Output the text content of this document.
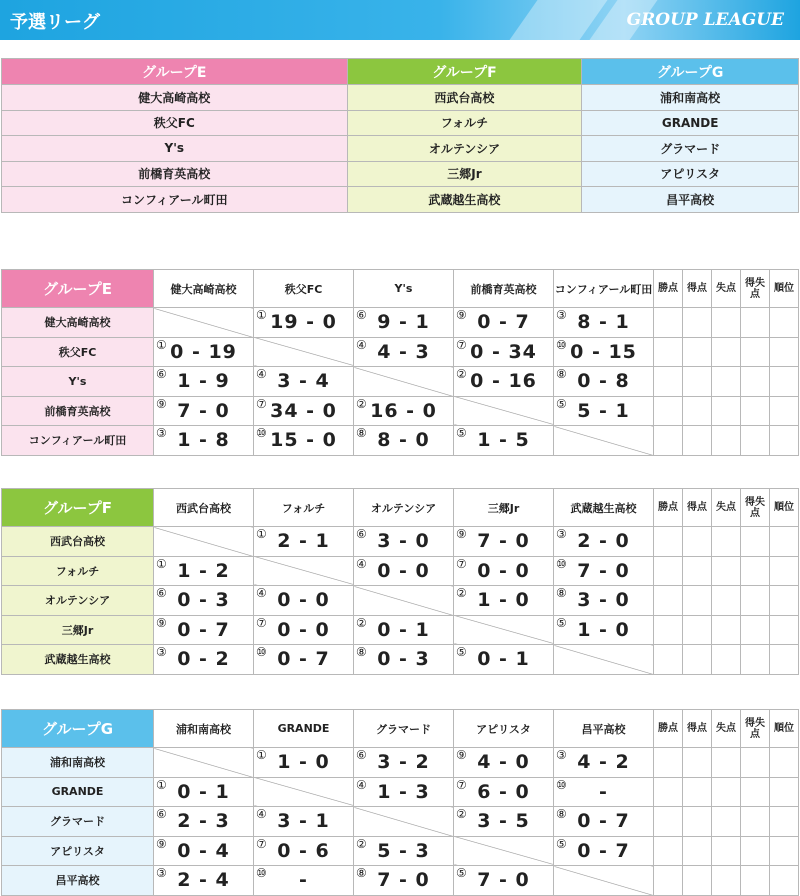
予選リーグ	GROUP LEAGUE
グループE	グループF	グループG
健大高崎高校	西武台高校	浦和南高校
秩父FC	フォルチ	GRANDE
Y's	オルテンシア	グラマード
前橋育英高校	三郷Jr	アピリスタ
コンフィアール町田	武蔵越生高校	昌平高校
グループE	健大高崎高校	秩父FC	Y's	前橋育英高校	コンフィアール町田	勝点	得点	失点	得失点	順位
健大高崎高校		① 19 - 0	⑥ 9 - 1	⑨ 0 - 7	③ 8 - 1					
秩父FC	① 0 - 19		④ 4 - 3	⑦ 0 - 34	⑩ 0 - 15					
Y's	⑥ 1 - 9	④ 3 - 4		② 0 - 16	⑧ 0 - 8					
前橋育英高校	⑨ 7 - 0	⑦ 34 - 0	② 16 - 0		⑤ 5 - 1					
コンフィアール町田	③ 1 - 8	⑩ 15 - 0	⑧ 8 - 0	⑤ 1 - 5						
グループF	西武台高校	フォルチ	オルテンシア	三郷Jr	武蔵越生高校	勝点	得点	失点	得失点	順位
西武台高校		① 2 - 1	⑥ 3 - 0	⑨ 7 - 0	③ 2 - 0					
フォルチ	① 1 - 2		④ 0 - 0	⑦ 0 - 0	⑩ 7 - 0					
オルテンシア	⑥ 0 - 3	④ 0 - 0		② 1 - 0	⑧ 3 - 0					
三郷Jr	⑨ 0 - 7	⑦ 0 - 0	② 0 - 1		⑤ 1 - 0					
武蔵越生高校	③ 0 - 2	⑩ 0 - 7	⑧ 0 - 3	⑤ 0 - 1						
グループG	浦和南高校	GRANDE	グラマード	アピリスタ	昌平高校	勝点	得点	失点	得失点	順位
浦和南高校		① 1 - 0	⑥ 3 - 2	⑨ 4 - 0	③ 4 - 2					
GRANDE	① 0 - 1		④ 1 - 3	⑦ 6 - 0	⑩ -					
グラマード	⑥ 2 - 3	④ 3 - 1		② 3 - 5	⑧ 0 - 7					
アピリスタ	⑨ 0 - 4	⑦ 0 - 6	② 5 - 3		⑤ 0 - 7					
昌平高校	③ 2 - 4	⑩ -	⑧ 7 - 0	⑤ 7 - 0						
